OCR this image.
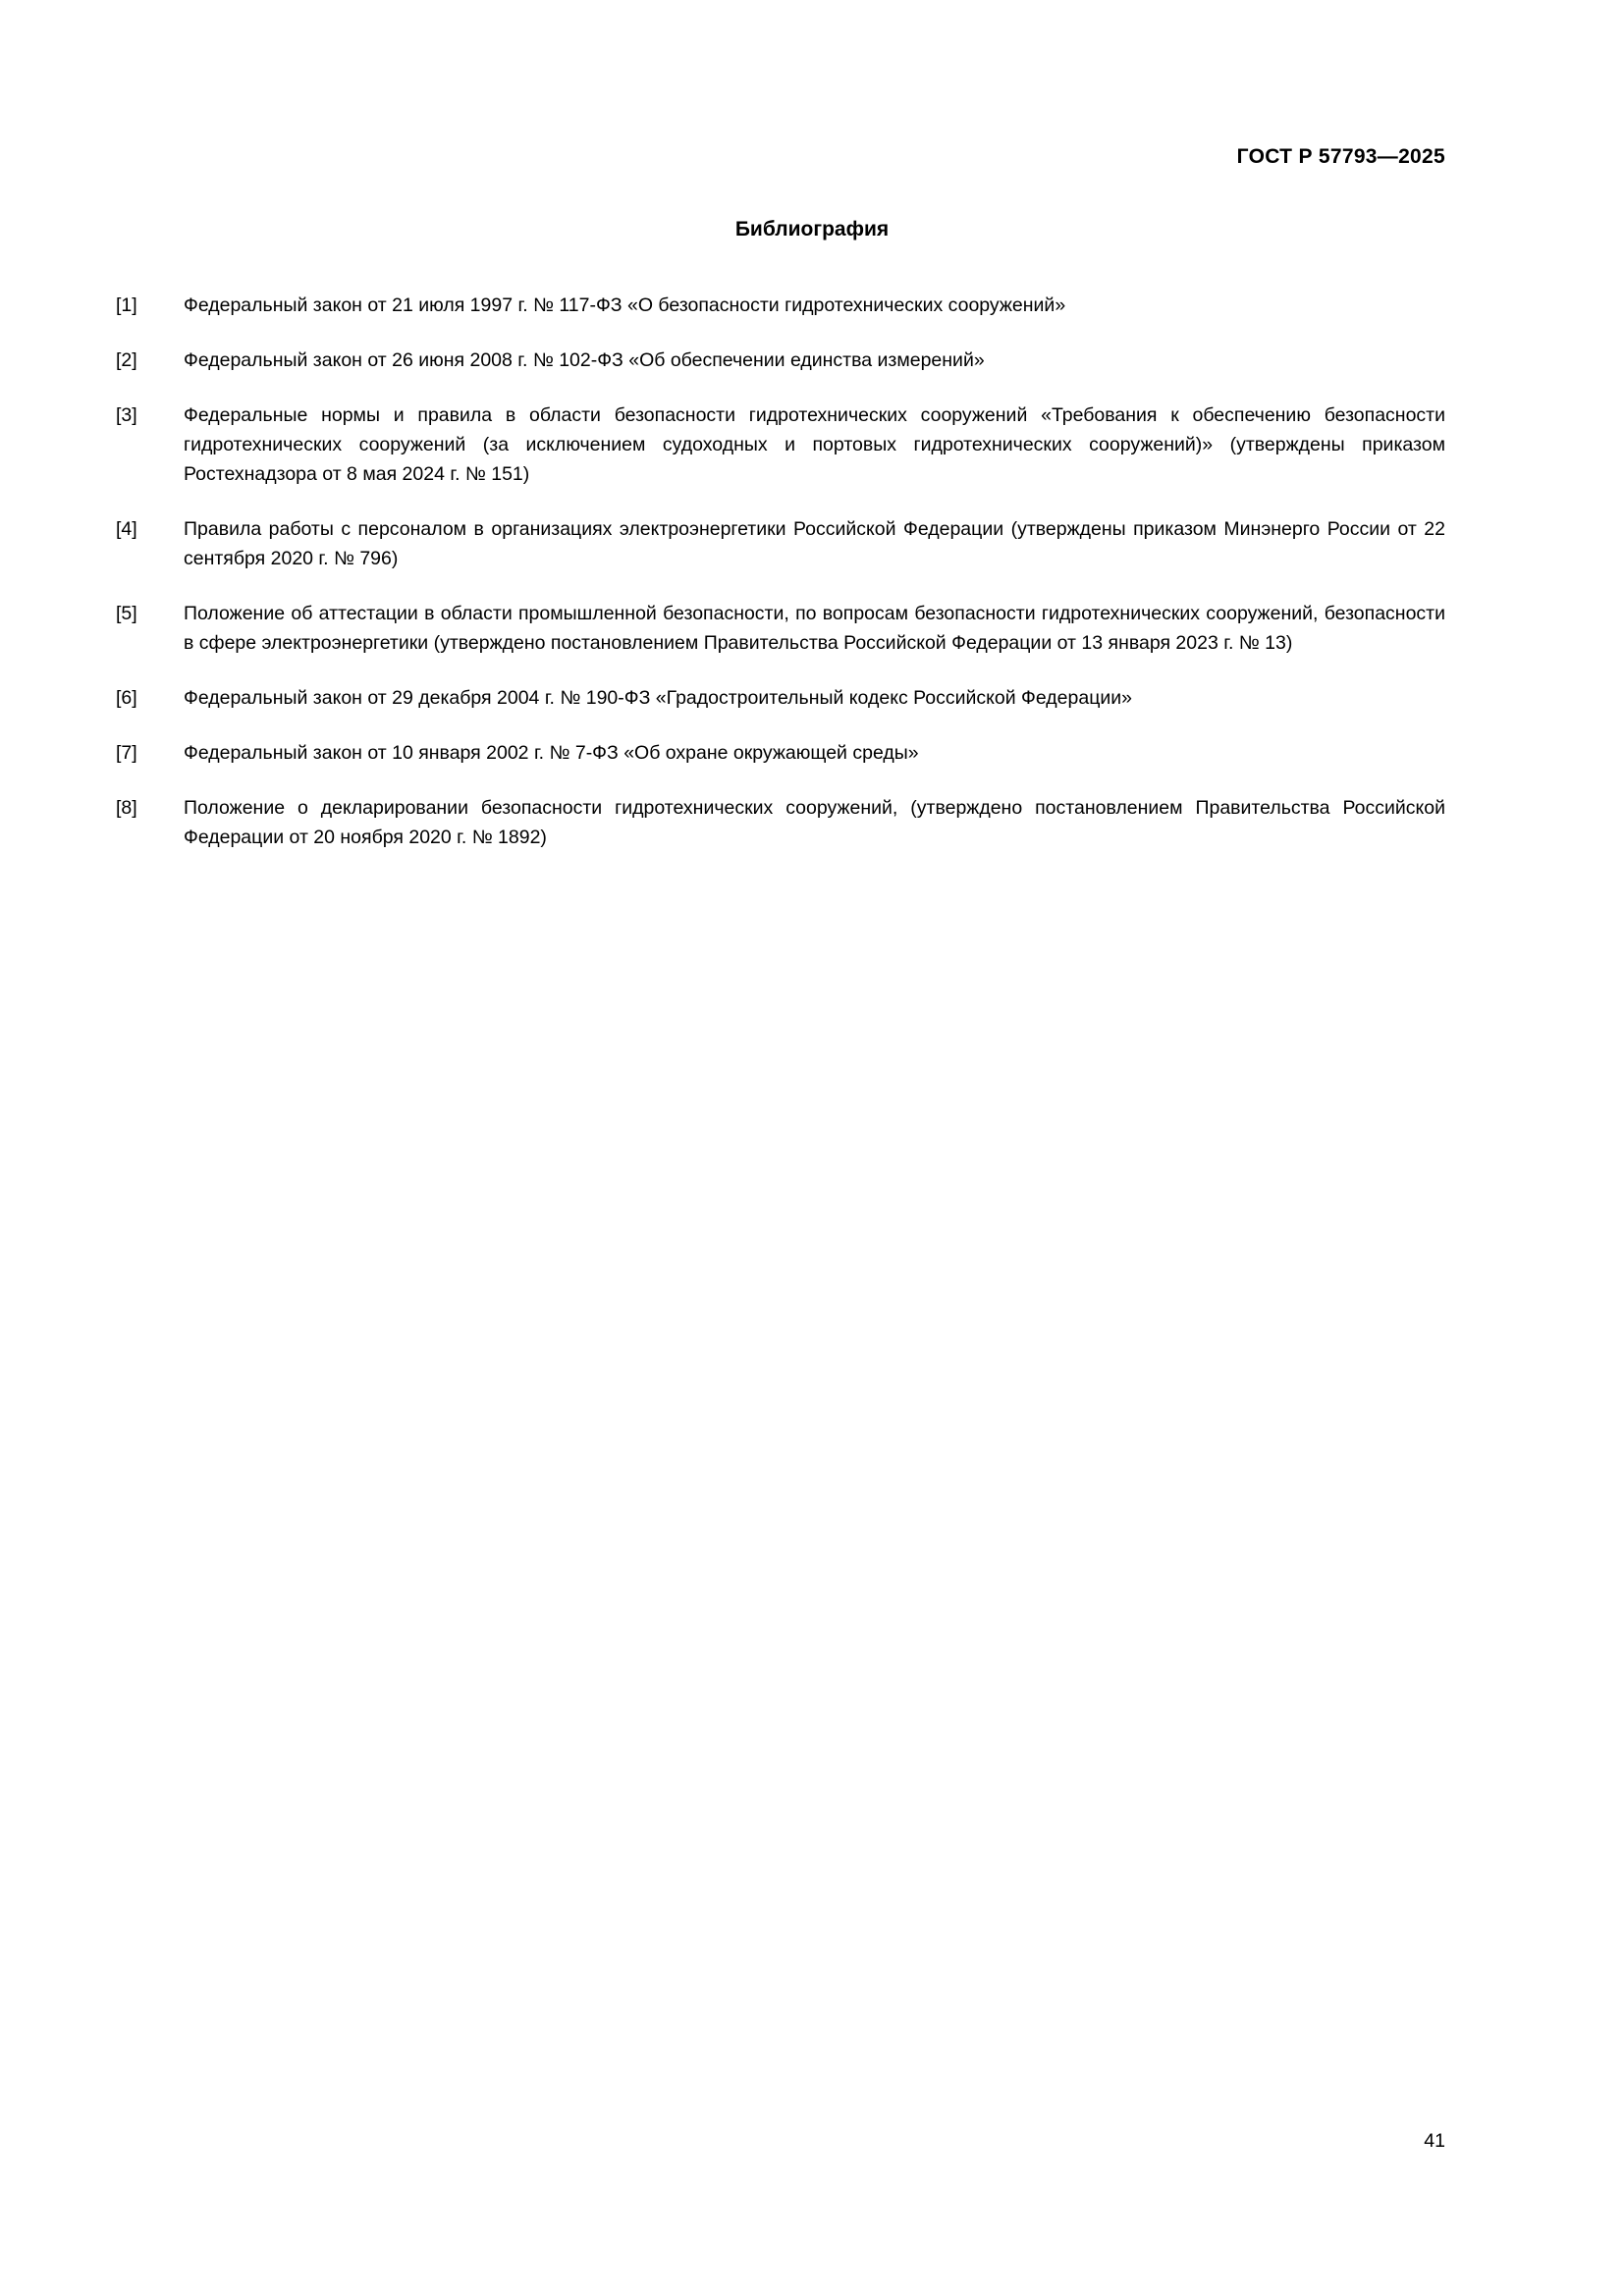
ГОСТ Р 57793—2025
Библиография
[1]	Федеральный закон от 21 июля 1997 г. № 117-ФЗ «О безопасности гидротехнических сооружений»
[2]	Федеральный закон от 26 июня 2008 г. № 102-ФЗ «Об обеспечении единства измерений»
[3]	Федеральные нормы и правила в области безопасности гидротехнических сооружений «Требования к обеспечению безопасности гидротехнических сооружений (за исключением судоходных и портовых гидротехнических сооружений)» (утверждены приказом Ростехнадзора от 8 мая 2024 г. № 151)
[4]	Правила работы с персоналом в организациях электроэнергетики Российской Федерации (утверждены приказом Минэнерго России от 22 сентября 2020 г. № 796)
[5]	Положение об аттестации в области промышленной безопасности, по вопросам безопасности гидротехнических сооружений, безопасности в сфере электроэнергетики (утверждено постановлением Правительства Российской Федерации от 13 января 2023 г. № 13)
[6]	Федеральный закон от 29 декабря 2004 г. № 190-ФЗ «Градостроительный кодекс Российской Федерации»
[7]	Федеральный закон от 10 января 2002 г. № 7-ФЗ «Об охране окружающей среды»
[8]	Положение о декларировании безопасности гидротехнических сооружений, (утверждено постановлением Правительства Российской Федерации от 20 ноября 2020 г. № 1892)
41
